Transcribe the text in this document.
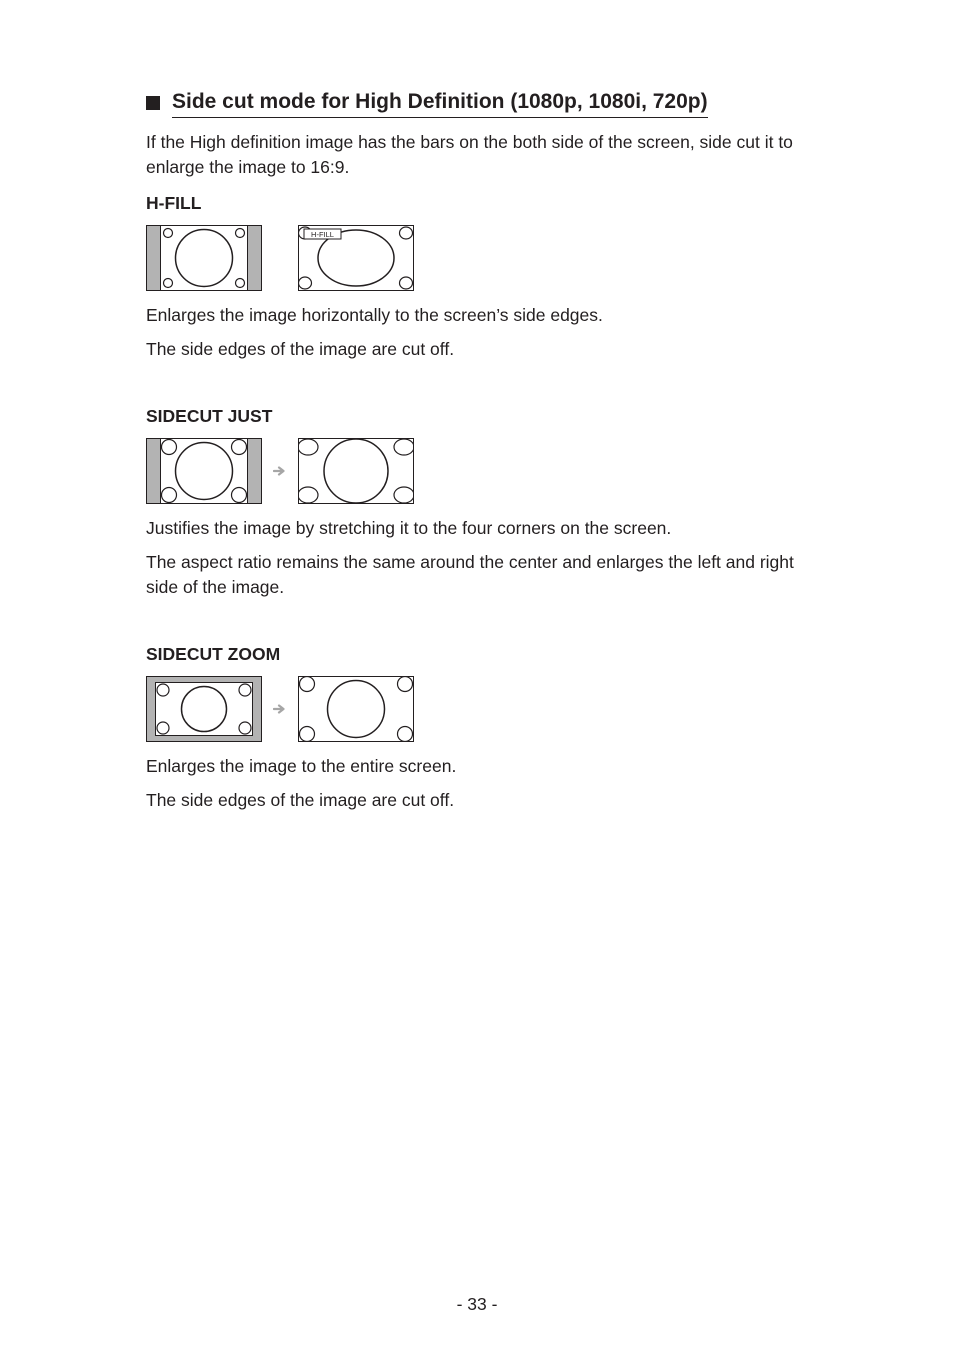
Side cut mode for High Definition (1080p, 1080i, 720p)

If the High definition image has the bars on the both side of the screen, side cut it to enlarge the image to 16:9.

H-FILL
H-FILL

Enlarges the image horizontally to the screen’s side edges.

The side edges of the image are cut off.

SIDECUT JUST

Justifies the image by stretching it to the four corners on the screen.

The aspect ratio remains the same around the center and enlarges the left and right side of the image.

SIDECUT ZOOM

Enlarges the image to the entire screen.

The side edges of the image are cut off.

- 33 -
